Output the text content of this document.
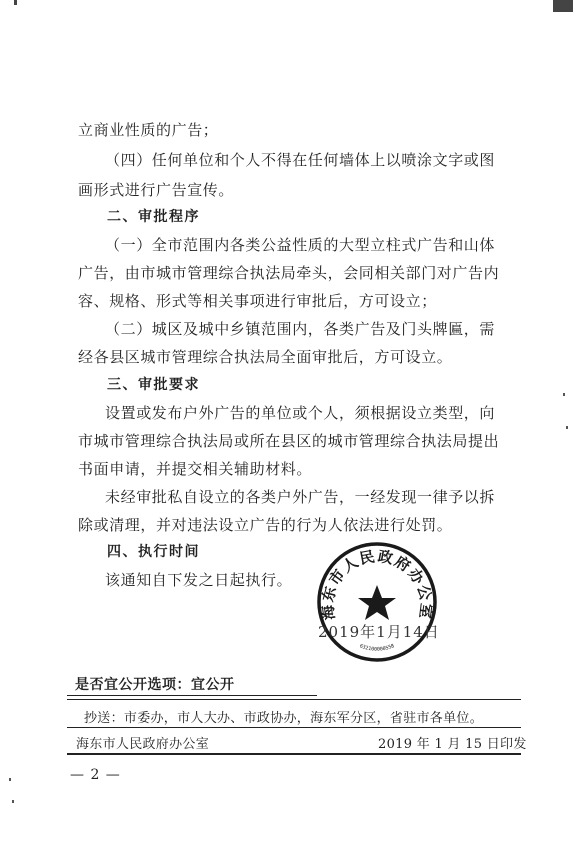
立商业性质的广告；
（四）任何单位和个人不得在任何墙体上以喷涂文字或图
画形式进行广告宣传。
二、审批程序
（一）全市范围内各类公益性质的大型立柱式广告和山体
广告，由市城市管理综合执法局牵头，会同相关部门对广告内
容、规格、形式等相关事项进行审批后，方可设立；
（二）城区及城中乡镇范围内，各类广告及门头牌匾，需
经各县区城市管理综合执法局全面审批后，方可设立。
三、审批要求
设置或发布户外广告的单位或个人，须根据设立类型，向
市城市管理综合执法局或所在县区的城市管理综合执法局提出
书面申请，并提交相关辅助材料。
未经审批私自设立的各类户外广告，一经发现一律予以拆
除或清理，并对违法设立广告的行为人依法进行处罚。
四、执行时间
该通知自下发之日起执行。
海东市人民政府办公室
632100000558
2019年1月14日
是否宜公开选项：宜公开
抄送：市委办，市人大办、市政协办，海东军分区，省驻市各单位。
海东市人民政府办公室	2019 年 1 月 15 日印发
— 2 —
